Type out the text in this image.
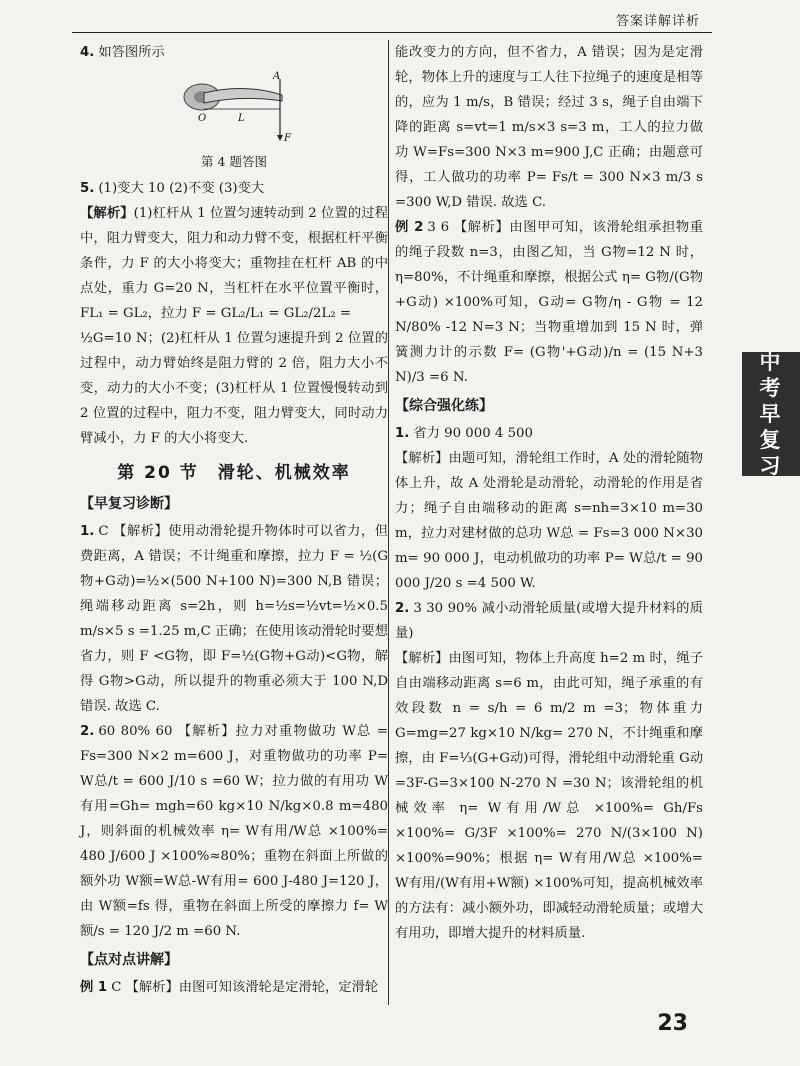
答案详解详析
中
考
早
复
习

4. 如答图所示

A
O	L
F
第 4 题答图

5. (1)变大 10 (2)不变 (3)变大

【解析】(1)杠杆从 1 位置匀速转动到 2 位置的过程中，阻力臂变大，阻力和动力臂不变，根据杠杆平衡条件，力 F 的大小将变大；重物挂在杠杆 AB 的中点处，重力 G=20 N，当杠杆在水平位置平衡时，FL₁ = GL₂，拉力 F = GL₂/L₁ = GL₂/2L₂ =

½G=10 N；(2)杠杆从 1 位置匀速提升到 2 位置的过程中，动力臂始终是阻力臂的 2 倍，阻力大小不变，动力的大小不变；(3)杠杆从 1 位置慢慢转动到 2 位置的过程中，阻力不变，阻力臂变大，同时动力臂减小，力 F 的大小将变大.

第 20 节　滑轮、机械效率
【早复习诊断】

1. C 【解析】使用动滑轮提升物体时可以省力，但费距离，A 错误；不计绳重和摩擦，拉力 F = ½(G物+G动)=½×(500 N+100 N)=300 N,B 错误；绳端移动距离 s=2h，则 h=½s=½vt=½×0.5 m/s×5 s =1.25 m,C 正确；在使用该动滑轮时要想省力，则 F <G物，即 F=½(G物+G动)<G物，解得 G物>G动，所以提升的物重必须大于 100 N,D 错误. 故选 C.

2. 60 80% 60 【解析】拉力对重物做功 W总 = Fs=300 N×2 m=600 J，对重物做功的功率 P= W总/t = 600 J/10 s =60 W；拉力做的有用功 W有用=Gh= mgh=60 kg×10 N/kg×0.8 m=480 J，则斜面的机械效率 η= W有用/W总 ×100%= 480 J/600 J ×100%≈80%；重物在斜面上所做的额外功 W额=W总-W有用= 600 J-480 J=120 J，由 W额=fs 得，重物在斜面上所受的摩擦力 f= W额/s = 120 J/2 m =60 N.

【点对点讲解】

例 1 C 【解析】由图可知该滑轮是定滑轮，定滑轮

能改变力的方向，但不省力，A 错误；因为是定滑轮，物体上升的速度与工人往下拉绳子的速度是相等的，应为 1 m/s，B 错误；经过 3 s，绳子自由端下降的距离 s=vt=1 m/s×3 s=3 m，工人的拉力做功 W=Fs=300 N×3 m=900 J,C 正确；由题意可得，工人做功的功率 P= Fs/t = 300 N×3 m/3 s =300 W,D 错误. 故选 C.

例 2 3 6 【解析】由图甲可知，该滑轮组承担物重的绳子段数 n=3，由图乙知，当 G物=12 N 时，η=80%，不计绳重和摩擦，根据公式 η= G物/(G物+G动) ×100%可知，G动= G物/η - G物 = 12 N/80% -12 N=3 N；当物重增加到 15 N 时，弹簧测力计的示数 F= (G物'+G动)/n = (15 N+3 N)/3 =6 N.

【综合强化练】

1. 省力 90 000 4 500

【解析】由题可知，滑轮组工作时，A 处的滑轮随物体上升，故 A 处滑轮是动滑轮，动滑轮的作用是省力；绳子自由端移动的距离 s=nh=3×10 m=30 m，拉力对建材做的总功 W总 = Fs=3 000 N×30 m= 90 000 J，电动机做功的功率 P= W总/t = 90 000 J/20 s =4 500 W.

2. 3 30 90% 减小动滑轮质量(或增大提升材料的质量)

【解析】由图可知，物体上升高度 h=2 m 时，绳子自由端移动距离 s=6 m，由此可知，绳子承重的有效段数 n = s/h = 6 m/2 m =3；物体重力 G=mg=27 kg×10 N/kg= 270 N，不计绳重和摩擦，由 F=⅓(G+G动)可得，滑轮组中动滑轮重 G动=3F-G=3×100 N-270 N =30 N；该滑轮组的机械效率 η= W有用/W总 ×100%= Gh/Fs ×100%= G/3F ×100%= 270 N/(3×100 N) ×100%=90%；根据 η= W有用/W总 ×100%= W有用/(W有用+W额) ×100%可知，提高机械效率的方法有：减小额外功，即减轻动滑轮质量；或增大有用功，即增大提升的材料质量.

23
